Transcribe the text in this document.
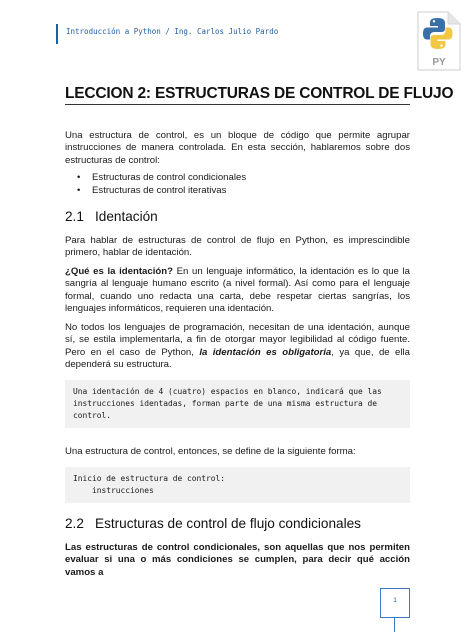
Introducción a Python / Ing. Carlos Julio Pardo
PY
LECCION 2: ESTRUCTURAS DE CONTROL DE FLUJO
Una estructura de control, es un bloque de código que permite agrupar instrucciones de manera controlada. En esta sección, hablaremos sobre dos estructuras de control:
• Estructuras de control condicionales
• Estructuras de control iterativas
2.1 Identación
Para hablar de estructuras de control de flujo en Python, es imprescindible primero, hablar de identación.
¿Qué es la identación? En un lenguaje informático, la identación es lo que la sangría al lenguaje humano escrito (a nivel formal). Así como para el lenguaje formal, cuando uno redacta una carta, debe respetar ciertas sangrías, los lenguajes informáticos, requieren una identación.
No todos los lenguajes de programación, necesitan de una identación, aunque sí, se estila implementarla, a fin de otorgar mayor legibilidad al código fuente. Pero en el caso de Python, la identación es obligatoria, ya que, de ella dependerá su estructura.
Una identación de 4 (cuatro) espacios en blanco, indicará que las instrucciones identadas, forman parte de una misma estructura de control.
Una estructura de control, entonces, se define de la siguiente forma:
Inicio de estructura de control:
instrucciones
2.2 Estructuras de control de flujo condicionales
Las estructuras de control condicionales, son aquellas que nos permiten evaluar si una o más condiciones se cumplen, para decir qué acción vamos a
1
